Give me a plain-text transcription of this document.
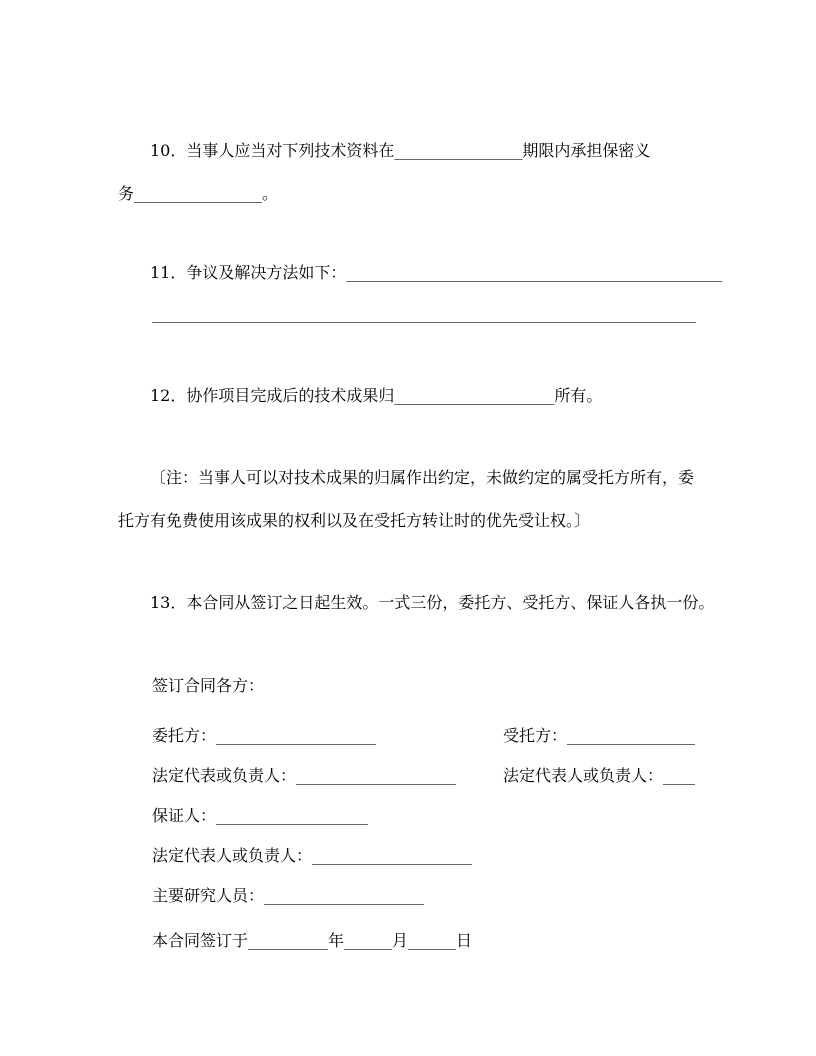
10．当事人应当对下列技术资料在________________期限内承担保密义
务________________。
11．争议及解决方法如下：_______________________________________________
____________________________________________________________________
12．协作项目完成后的技术成果归____________________所有。
〔注：当事人可以对技术成果的归属作出约定，未做约定的属受托方所有，委
托方有免费使用该成果的权利以及在受托方转让时的优先受让权。〕
13．本合同从签订之日起生效。一式三份，委托方、受托方、保证人各执一份。
签订合同各方：
委托方：____________________	受托方：________________
法定代表或负责人：____________________	法定代表人或负责人：____
保证人：___________________
法定代表人或负责人：____________________
主要研究人员：____________________
本合同签订于__________年______月______日
